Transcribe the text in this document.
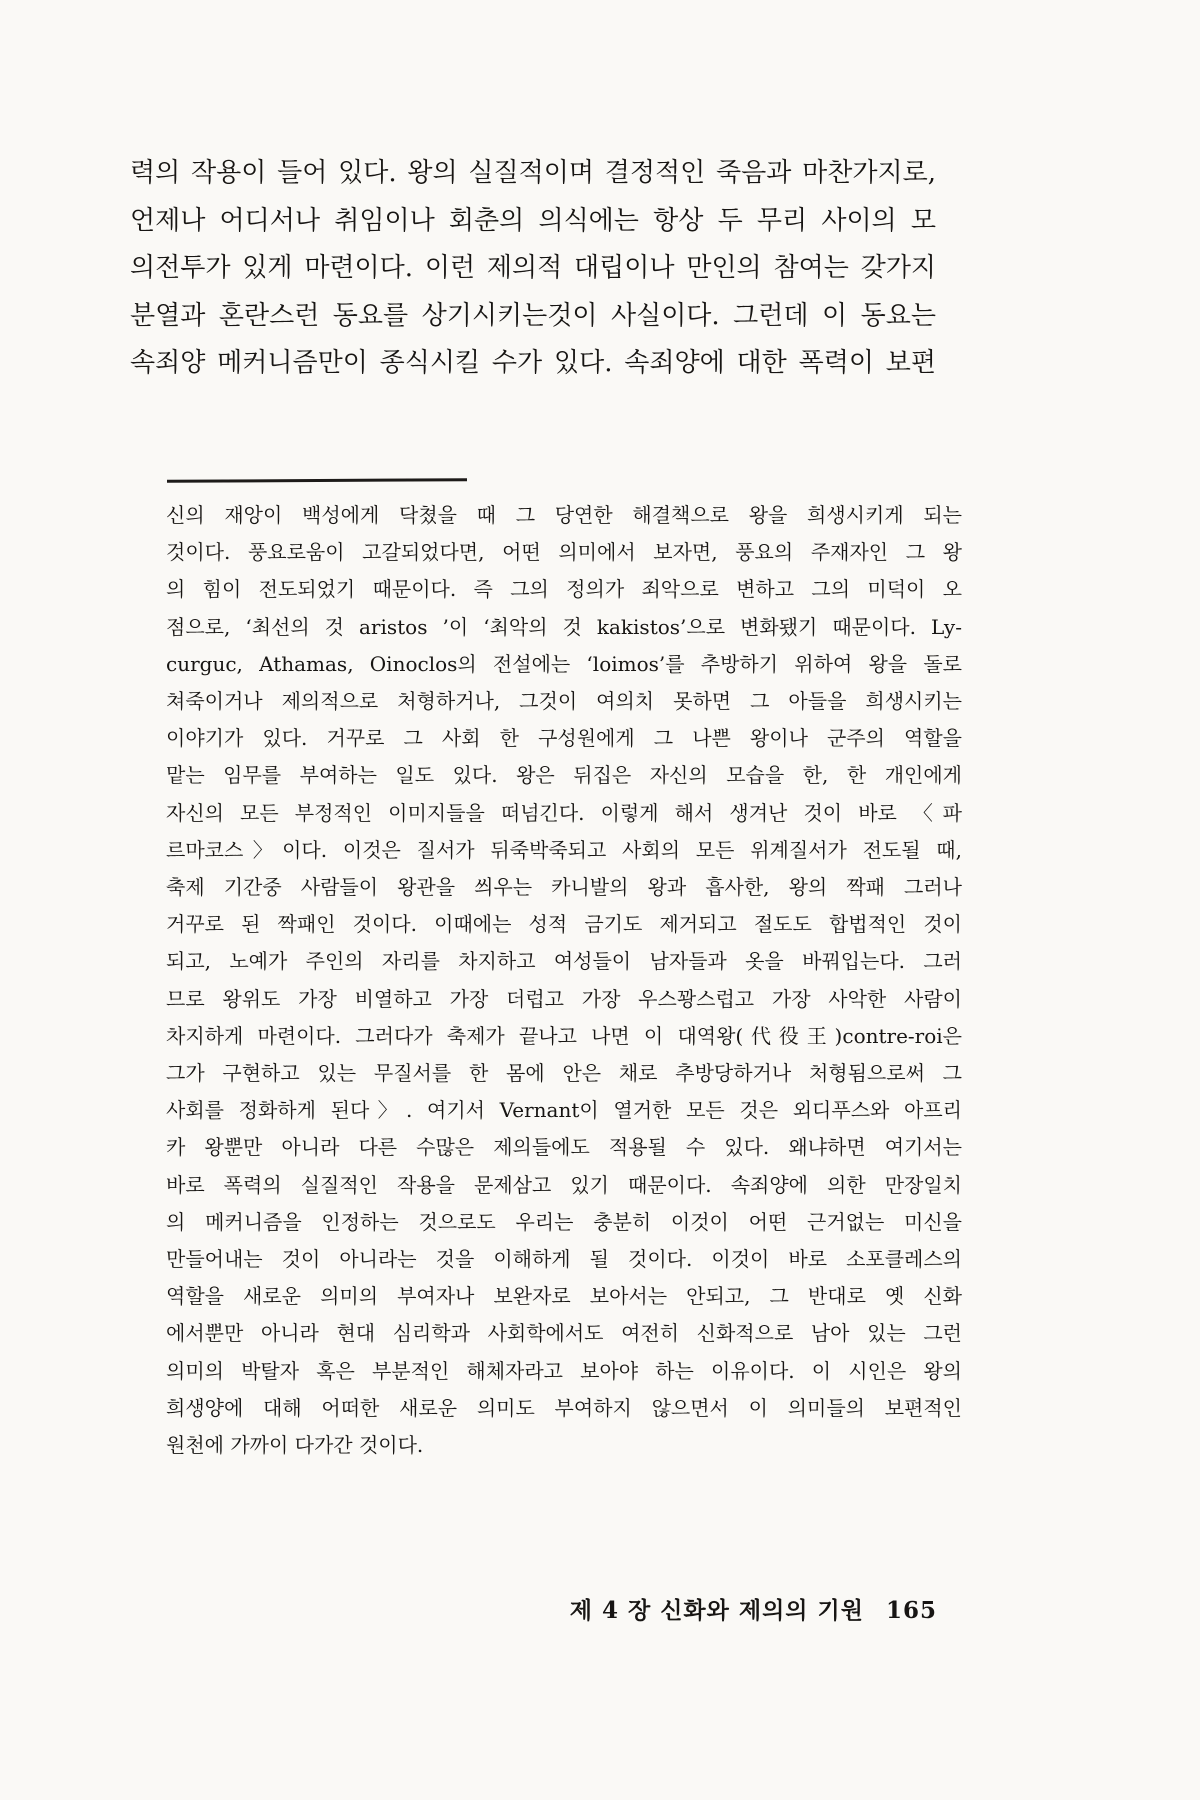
력의 작용이 들어 있다. 왕의 실질적이며 결정적인 죽음과 마찬가지로,
언제나 어디서나 취임이나 회춘의 의식에는 항상 두 무리 사이의 모
의전투가 있게 마련이다. 이런 제의적 대립이나 만인의 참여는 갖가지
분열과 혼란스런 동요를 상기시키는것이 사실이다. 그런데 이 동요는
속죄양 메커니즘만이 종식시킬 수가 있다. 속죄양에 대한 폭력이 보편
신의 재앙이 백성에게 닥쳤을 때 그 당연한 해결책으로 왕을 희생시키게 되는
것이다. 풍요로움이 고갈되었다면, 어떤 의미에서 보자면, 풍요의 주재자인 그 왕
의 힘이 전도되었기 때문이다. 즉 그의 정의가 죄악으로 변하고 그의 미덕이 오
점으로, ‘최선의 것 aristos ’이 ‘최악의 것 kakistos’으로 변화됐기 때문이다. Ly-
curguc, Athamas, Oinoclos의 전설에는 ‘loimos’를 추방하기 위하여 왕을 돌로
쳐죽이거나 제의적으로 처형하거나, 그것이 여의치 못하면 그 아들을 희생시키는
이야기가 있다. 거꾸로 그 사회 한 구성원에게 그 나쁜 왕이나 군주의 역할을
맡는 임무를 부여하는 일도 있다. 왕은 뒤집은 자신의 모습을 한, 한 개인에게
자신의 모든 부정적인 이미지들을 떠넘긴다. 이렇게 해서 생겨난 것이 바로 〈파
르마코스〉이다. 이것은 질서가 뒤죽박죽되고 사회의 모든 위계질서가 전도될 때,
축제 기간중 사람들이 왕관을 씌우는 카니발의 왕과 흡사한, 왕의 짝패 그러나
거꾸로 된 짝패인 것이다. 이때에는 성적 금기도 제거되고 절도도 합법적인 것이
되고, 노예가 주인의 자리를 차지하고 여성들이 남자들과 옷을 바꿔입는다. 그러
므로 왕위도 가장 비열하고 가장 더럽고 가장 우스꽝스럽고 가장 사악한 사람이
차지하게 마련이다. 그러다가 축제가 끝나고 나면 이 대역왕(代役王)contre-roi은
그가 구현하고 있는 무질서를 한 몸에 안은 채로 추방당하거나 처형됨으로써 그
사회를 정화하게 된다〉. 여기서 Vernant이 열거한 모든 것은 외디푸스와 아프리
카 왕뿐만 아니라 다른 수많은 제의들에도 적용될 수 있다. 왜냐하면 여기서는
바로 폭력의 실질적인 작용을 문제삼고 있기 때문이다. 속죄양에 의한 만장일치
의 메커니즘을 인정하는 것으로도 우리는 충분히 이것이 어떤 근거없는 미신을
만들어내는 것이 아니라는 것을 이해하게 될 것이다. 이것이 바로 소포클레스의
역할을 새로운 의미의 부여자나 보완자로 보아서는 안되고, 그 반대로 옛 신화
에서뿐만 아니라 현대 심리학과 사회학에서도 여전히 신화적으로 남아 있는 그런
의미의 박탈자 혹은 부분적인 해체자라고 보아야 하는 이유이다. 이 시인은 왕의
희생양에 대해 어떠한 새로운 의미도 부여하지 않으면서 이 의미들의 보편적인
원천에 가까이 다가간 것이다.
제 4 장 신화와 제의의 기원 165
